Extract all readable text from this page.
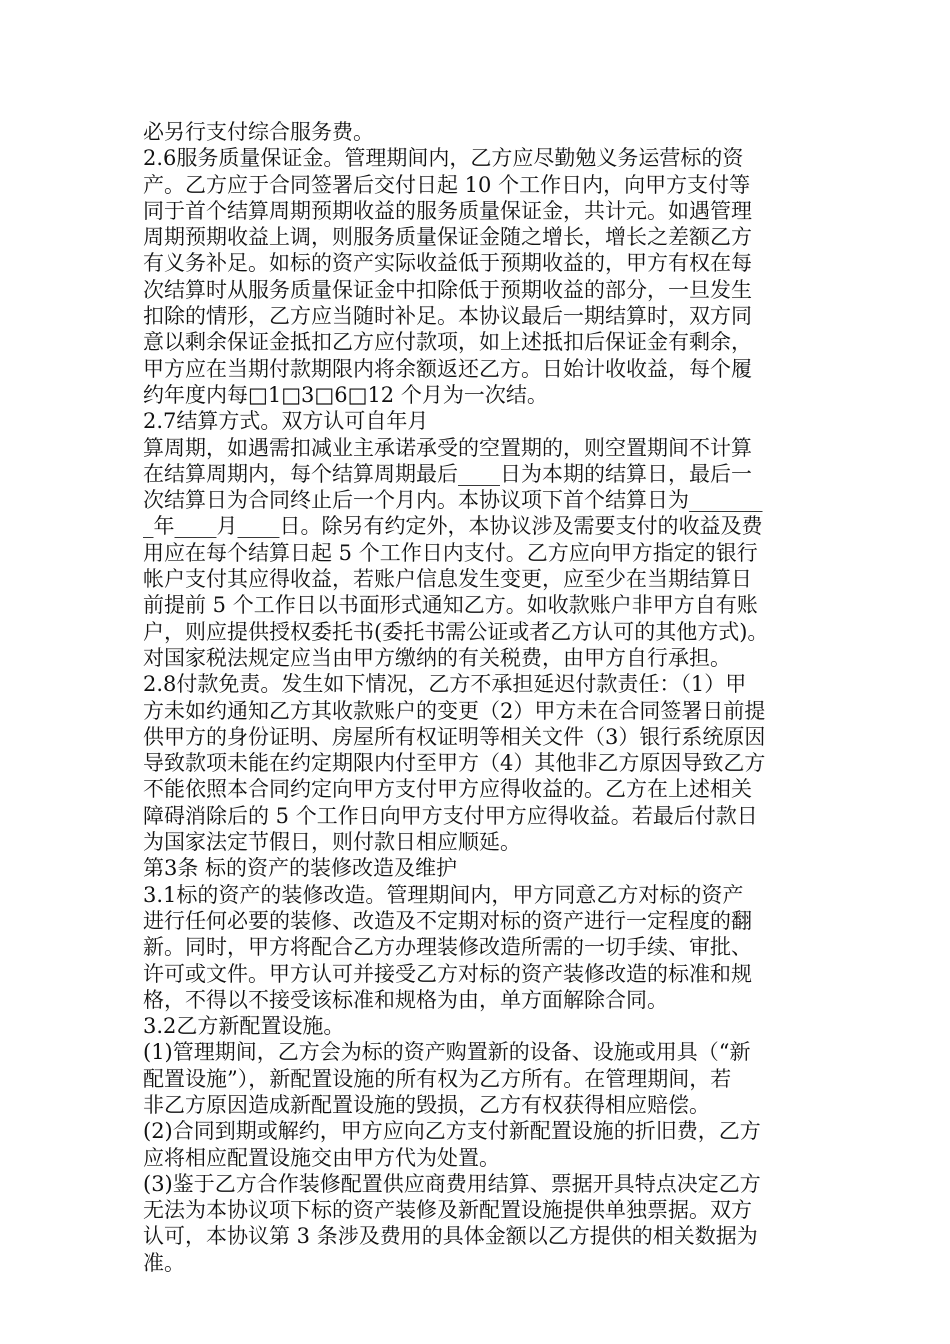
必另行支付综合服务费。
2.6服务质量保证金。管理期间内，乙方应尽勤勉义务运营标的资
产。乙方应于合同签署后交付日起 10 个工作日内，向甲方支付等
同于首个结算周期预期收益的服务质量保证金，共计元。如遇管理
周期预期收益上调，则服务质量保证金随之增长，增长之差额乙方
有义务补足。如标的资产实际收益低于预期收益的，甲方有权在每
次结算时从服务质量保证金中扣除低于预期收益的部分，一旦发生
扣除的情形，乙方应当随时补足。本协议最后一期结算时，双方同
意以剩余保证金抵扣乙方应付款项，如上述抵扣后保证金有剩余，
甲方应在当期付款期限内将余额返还乙方。日始计收收益，每个履
约年度内每□1□3□6□12 个月为一次结。
2.7结算方式。双方认可自年月
算周期，如遇需扣减业主承诺承受的空置期的，则空置期间不计算
在结算周期内，每个结算周期最后____日为本期的结算日，最后一
次结算日为合同终止后一个月内。本协议项下首个结算日为_______
_年____月____日。除另有约定外，本协议涉及需要支付的收益及费
用应在每个结算日起 5 个工作日内支付。乙方应向甲方指定的银行
帐户支付其应得收益，若账户信息发生变更，应至少在当期结算日
前提前 5 个工作日以书面形式通知乙方。如收款账户非甲方自有账
户，则应提供授权委托书(委托书需公证或者乙方认可的其他方式)。
对国家税法规定应当由甲方缴纳的有关税费，由甲方自行承担。
2.8付款免责。发生如下情况，乙方不承担延迟付款责任：（1）甲
方未如约通知乙方其收款账户的变更（2）甲方未在合同签署日前提
供甲方的身份证明、房屋所有权证明等相关文件（3）银行系统原因
导致款项未能在约定期限内付至甲方（4）其他非乙方原因导致乙方
不能依照本合同约定向甲方支付甲方应得收益的。乙方在上述相关
障碍消除后的 5 个工作日向甲方支付甲方应得收益。若最后付款日
为国家法定节假日，则付款日相应顺延。
第3条 标的资产的装修改造及维护
3.1标的资产的装修改造。管理期间内，甲方同意乙方对标的资产
进行任何必要的装修、改造及不定期对标的资产进行一定程度的翻
新。同时，甲方将配合乙方办理装修改造所需的一切手续、审批、
许可或文件。甲方认可并接受乙方对标的资产装修改造的标准和规
格，不得以不接受该标准和规格为由，单方面解除合同。
3.2乙方新配置设施。
(1)管理期间，乙方会为标的资产购置新的设备、设施或用具（“新
配置设施”），新配置设施的所有权为乙方所有。在管理期间，若
非乙方原因造成新配置设施的毁损，乙方有权获得相应赔偿。
(2)合同到期或解约，甲方应向乙方支付新配置设施的折旧费，乙方
应将相应配置设施交由甲方代为处置。
(3)鉴于乙方合作装修配置供应商费用结算、票据开具特点决定乙方
无法为本协议项下标的资产装修及新配置设施提供单独票据。双方
认可，本协议第 3 条涉及费用的具体金额以乙方提供的相关数据为
准。
